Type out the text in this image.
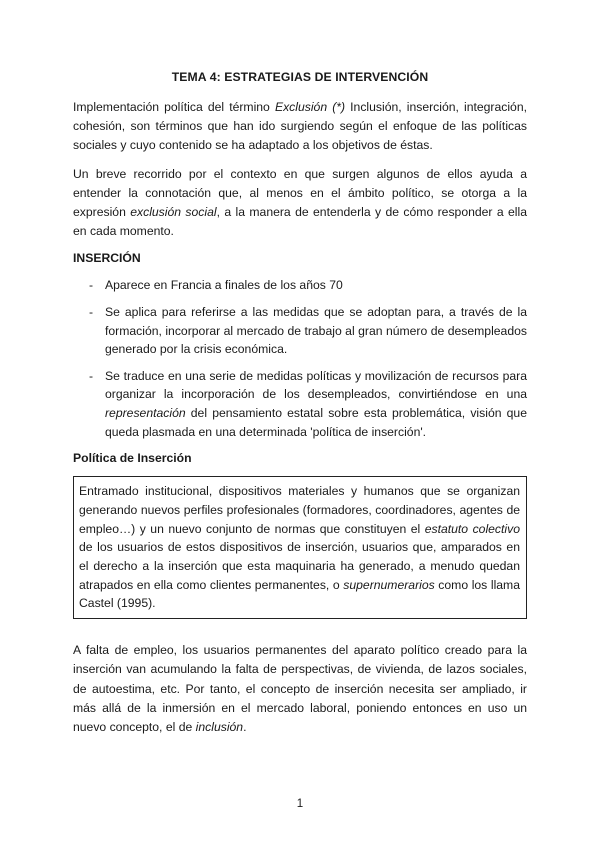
TEMA 4: ESTRATEGIAS DE INTERVENCIÓN

Implementación política del término Exclusión (*) Inclusión, inserción, integración, cohesión, son términos que han ido surgiendo según el enfoque de las políticas sociales y cuyo contenido se ha adaptado a los objetivos de éstas.

Un breve recorrido por el contexto en que surgen algunos de ellos ayuda a entender la connotación que, al menos en el ámbito político, se otorga a la expresión exclusión social, a la manera de entenderla y de cómo responder a ella en cada momento.

INSERCIÓN
- Aparece en Francia a finales de los años 70
- Se aplica para referirse a las medidas que se adoptan para, a través de la formación, incorporar al mercado de trabajo al gran número de desempleados generado por la crisis económica.
- Se traduce en una serie de medidas políticas y movilización de recursos para organizar la incorporación de los desempleados, convirtiéndose en una representación del pensamiento estatal sobre esta problemática, visión que queda plasmada en una determinada 'política de inserción'.
Política de Inserción

Entramado institucional, dispositivos materiales y humanos que se organizan generando nuevos perfiles profesionales (formadores, coordinadores, agentes de empleo…) y un nuevo conjunto de normas que constituyen el estatuto colectivo de los usuarios de estos dispositivos de inserción, usuarios que, amparados en el derecho a la inserción que esta maquinaria ha generado, a menudo quedan atrapados en ella como clientes permanentes, o supernumerarios como los llama Castel (1995).

A falta de empleo, los usuarios permanentes del aparato político creado para la inserción van acumulando la falta de perspectivas, de vivienda, de lazos sociales, de autoestima, etc. Por tanto, el concepto de inserción necesita ser ampliado, ir más allá de la inmersión en el mercado laboral, poniendo entonces en uso un nuevo concepto, el de inclusión.

1
